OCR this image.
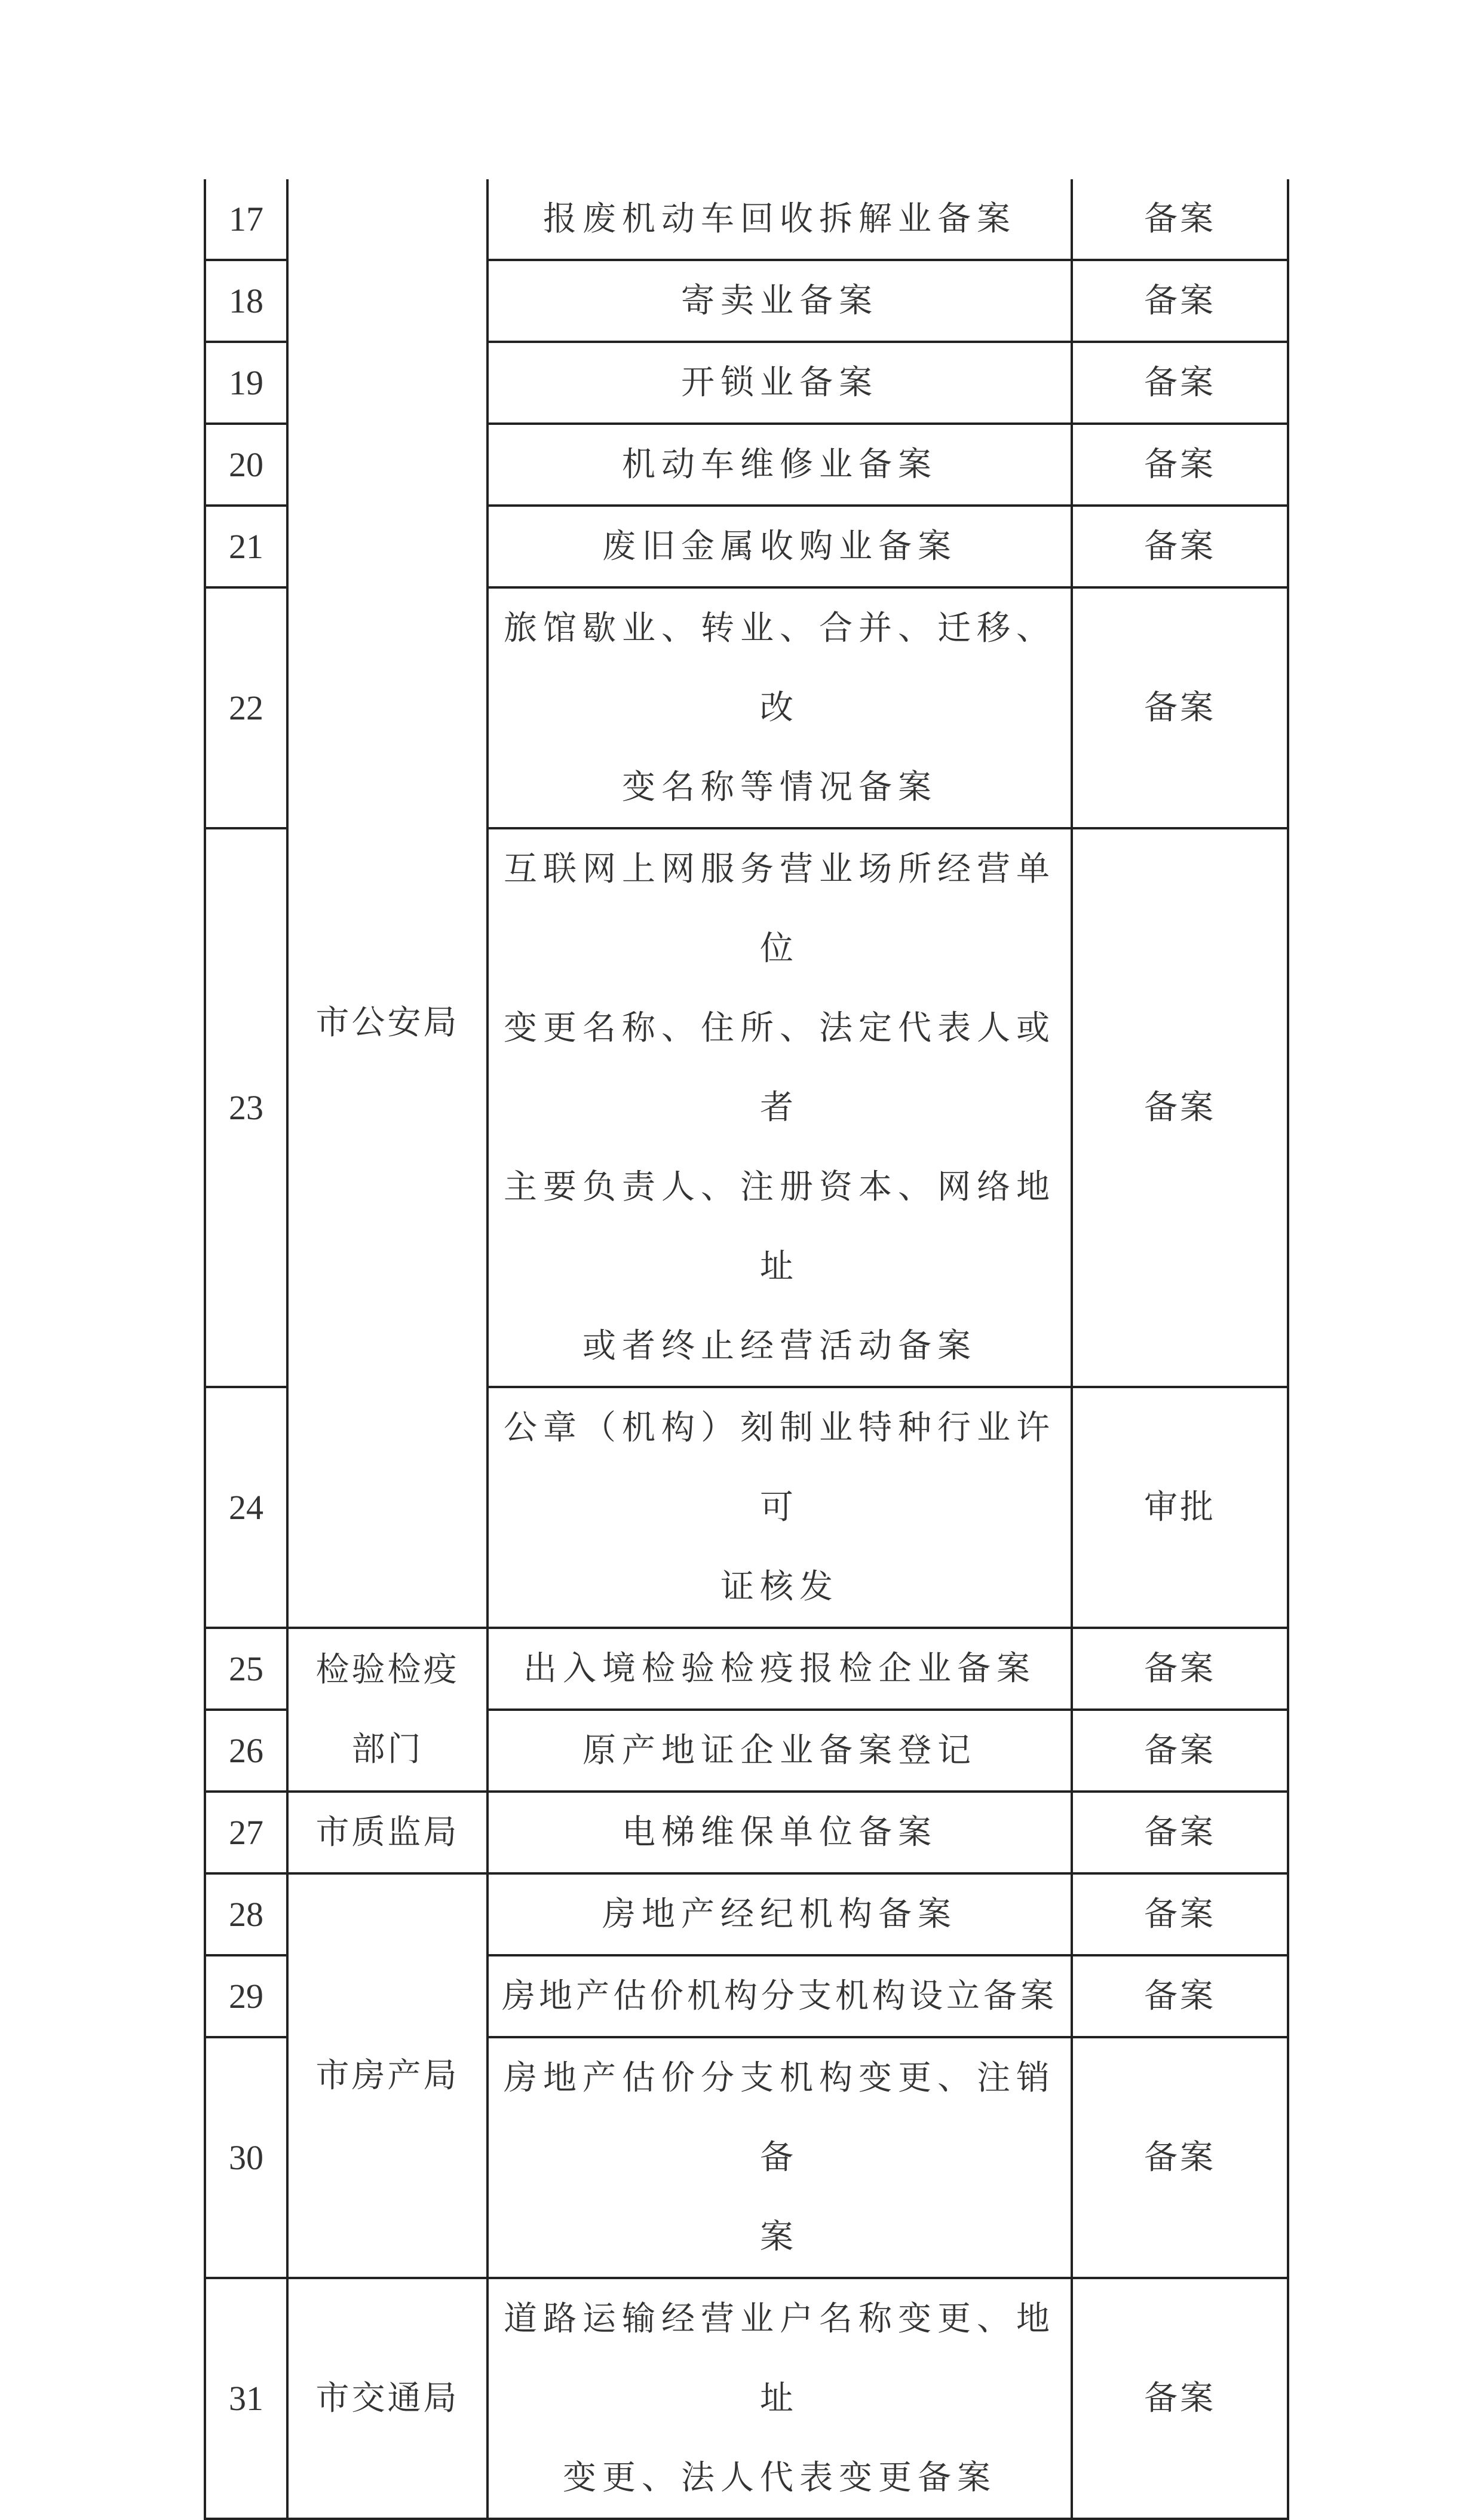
17	市公安局	报废机动车回收拆解业备案	备案
18		寄卖业备案	备案
19		开锁业备案	备案
20		机动车维修业备案	备案
21		废旧金属收购业备案	备案
22		旅馆歇业、转业、合并、迁移、改
变名称等情况备案	备案
23		互联网上网服务营业场所经营单位
变更名称、住所、法定代表人或者
主要负责人、注册资本、网络地址
或者终止经营活动备案	备案
24		公章（机构）刻制业特种行业许可
证核发	审批
25	检验检疫
部门	出入境检验检疫报检企业备案	备案
26		原产地证企业备案登记	备案
27	市质监局	电梯维保单位备案	备案
28	市房产局	房地产经纪机构备案	备案
29		房地产估价机构分支机构设立备案	备案
30		房地产估价分支机构变更、注销备
案	备案
31	市交通局	道路运输经营业户名称变更、地址
变更、法人代表变更备案	备案
